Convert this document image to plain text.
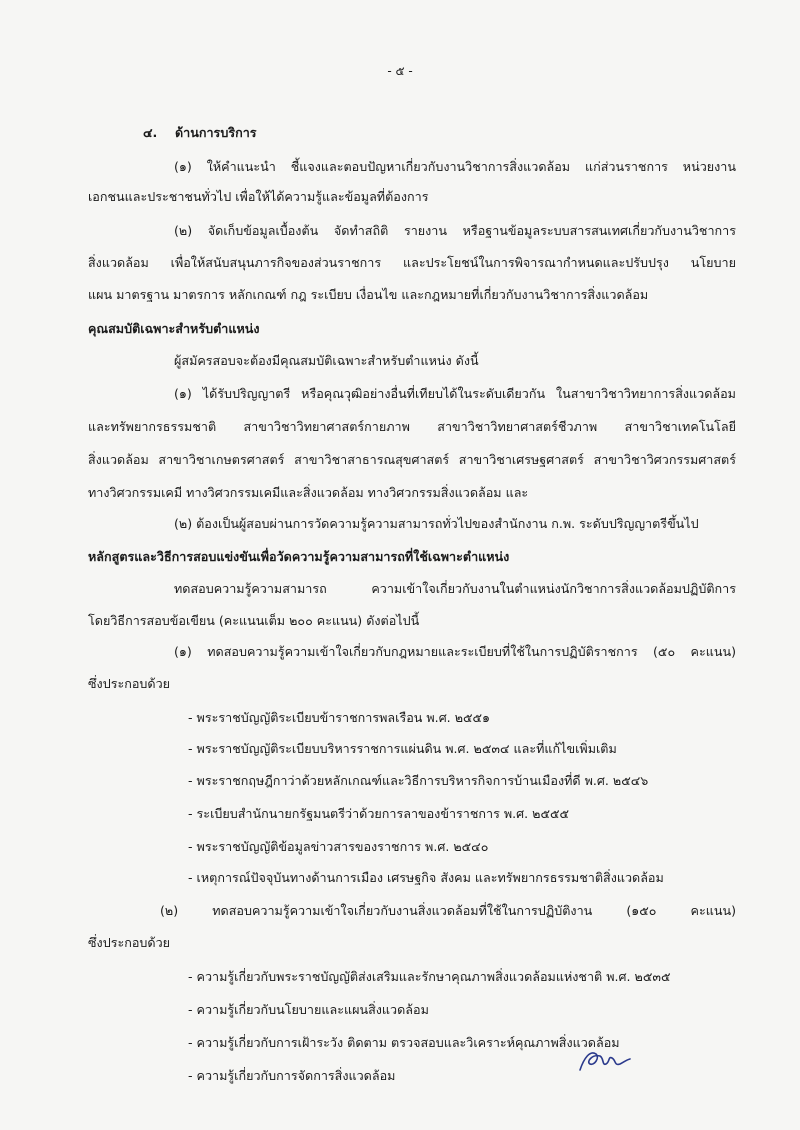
- ๕ -
๔. ด้านการบริการ
(๑) ให้คำแนะนำ ชี้แจงและตอบปัญหาเกี่ยวกับงานวิชาการสิ่งแวดล้อม แก่ส่วนราชการ หน่วยงาน
เอกชนและประชาชนทั่วไป เพื่อให้ได้ความรู้และข้อมูลที่ต้องการ
(๒) จัดเก็บข้อมูลเบื้องต้น จัดทำสถิติ รายงาน หรือฐานข้อมูลระบบสารสนเทศเกี่ยวกับงานวิชาการ
สิ่งแวดล้อม เพื่อให้สนับสนุนภารกิจของส่วนราชการ และประโยชน์ในการพิจารณากำหนดและปรับปรุง นโยบาย
แผน มาตรฐาน มาตรการ หลักเกณฑ์ กฎ ระเบียบ เงื่อนไข และกฎหมายที่เกี่ยวกับงานวิชาการสิ่งแวดล้อม
คุณสมบัติเฉพาะสำหรับตำแหน่ง
ผู้สมัครสอบจะต้องมีคุณสมบัติเฉพาะสำหรับตำแหน่ง ดังนี้
(๑) ได้รับปริญญาตรี หรือคุณวุฒิอย่างอื่นที่เทียบได้ในระดับเดียวกัน ในสาขาวิชาวิทยาการสิ่งแวดล้อม
และทรัพยากรธรรมชาติ สาขาวิชาวิทยาศาสตร์กายภาพ สาขาวิชาวิทยาศาสตร์ชีวภาพ สาขาวิชาเทคโนโลยี
สิ่งแวดล้อม สาขาวิชาเกษตรศาสตร์ สาขาวิชาสาธารณสุขศาสตร์ สาขาวิชาเศรษฐศาสตร์ สาขาวิชาวิศวกรรมศาสตร์
ทางวิศวกรรมเคมี ทางวิศวกรรมเคมีและสิ่งแวดล้อม ทางวิศวกรรมสิ่งแวดล้อม และ
(๒) ต้องเป็นผู้สอบผ่านการวัดความรู้ความสามารถทั่วไปของสำนักงาน ก.พ. ระดับปริญญาตรีขึ้นไป
หลักสูตรและวิธีการสอบแข่งขันเพื่อวัดความรู้ความสามารถที่ใช้เฉพาะตำแหน่ง
ทดสอบความรู้ความสามารถ ความเข้าใจเกี่ยวกับงานในตำแหน่งนักวิชาการสิ่งแวดล้อมปฏิบัติการ
โดยวิธีการสอบข้อเขียน (คะแนนเต็ม ๒๐๐ คะแนน) ดังต่อไปนี้
(๑) ทดสอบความรู้ความเข้าใจเกี่ยวกับกฎหมายและระเบียบที่ใช้ในการปฏิบัติราชการ (๕๐ คะแนน)
ซึ่งประกอบด้วย
- พระราชบัญญัติระเบียบข้าราชการพลเรือน พ.ศ. ๒๕๕๑
- พระราชบัญญัติระเบียบบริหารราชการแผ่นดิน พ.ศ. ๒๕๓๔ และที่แก้ไขเพิ่มเติม
- พระราชกฤษฎีกาว่าด้วยหลักเกณฑ์และวิธีการบริหารกิจการบ้านเมืองที่ดี พ.ศ. ๒๕๔๖
- ระเบียบสำนักนายกรัฐมนตรีว่าด้วยการลาของข้าราชการ พ.ศ. ๒๕๕๕
- พระราชบัญญัติข้อมูลข่าวสารของราชการ พ.ศ. ๒๕๔๐
- เหตุการณ์ปัจจุบันทางด้านการเมือง เศรษฐกิจ สังคม และทรัพยากรธรรมชาติสิ่งแวดล้อม
(๒) ทดสอบความรู้ความเข้าใจเกี่ยวกับงานสิ่งแวดล้อมที่ใช้ในการปฏิบัติงาน (๑๕๐ คะแนน)
ซึ่งประกอบด้วย
- ความรู้เกี่ยวกับพระราชบัญญัติส่งเสริมและรักษาคุณภาพสิ่งแวดล้อมแห่งชาติ พ.ศ. ๒๕๓๕
- ความรู้เกี่ยวกับนโยบายและแผนสิ่งแวดล้อม
- ความรู้เกี่ยวกับการเฝ้าระวัง ติดตาม ตรวจสอบและวิเคราะห์คุณภาพสิ่งแวดล้อม
- ความรู้เกี่ยวกับการจัดการสิ่งแวดล้อม
